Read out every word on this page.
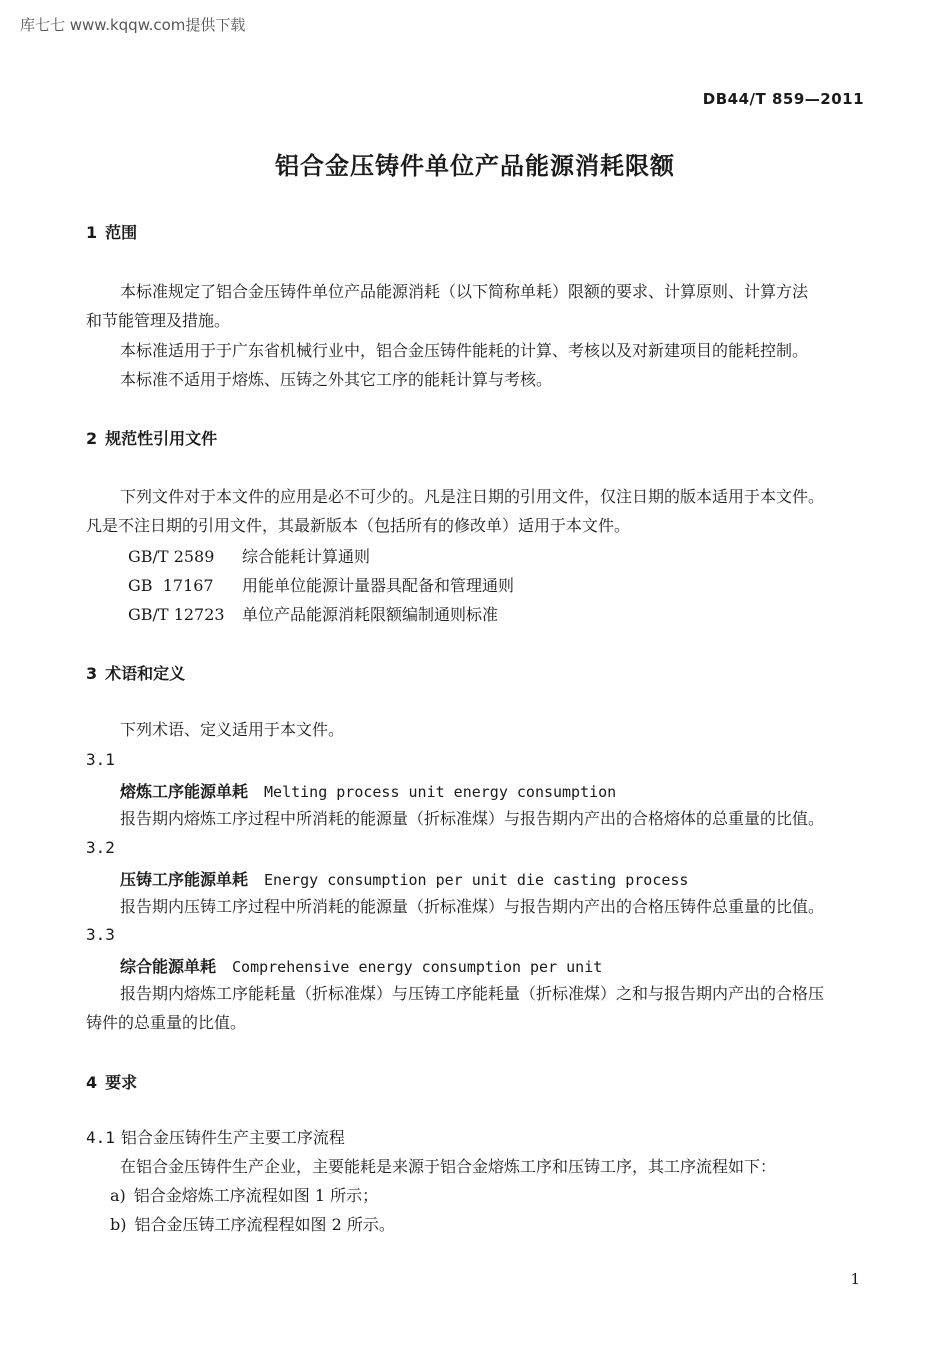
库七七 www.kqqw.com提供下载
DB44/T 859—2011
铝合金压铸件单位产品能源消耗限额
1 范围
本标准规定了铝合金压铸件单位产品能源消耗（以下简称单耗）限额的要求、计算原则、计算方法
和节能管理及措施。
本标准适用于于广东省机械行业中，铝合金压铸件能耗的计算、考核以及对新建项目的能耗控制。
本标准不适用于熔炼、压铸之外其它工序的能耗计算与考核。
2 规范性引用文件
下列文件对于本文件的应用是必不可少的。凡是注日期的引用文件，仅注日期的版本适用于本文件。
凡是不注日期的引用文件，其最新版本（包括所有的修改单）适用于本文件。
GB/T 2589 综合能耗计算通则
GB  17167 用能单位能源计量器具配备和管理通则
GB/T 12723 单位产品能源消耗限额编制通则标准
3 术语和定义
下列术语、定义适用于本文件。
3.1
熔炼工序能源单耗 Melting process unit energy consumption
报告期内熔炼工序过程中所消耗的能源量（折标准煤）与报告期内产出的合格熔体的总重量的比值。
3.2
压铸工序能源单耗 Energy consumption per unit die casting process
报告期内压铸工序过程中所消耗的能源量（折标准煤）与报告期内产出的合格压铸件总重量的比值。
3.3
综合能源单耗 Comprehensive energy consumption per unit
报告期内熔炼工序能耗量（折标准煤）与压铸工序能耗量（折标准煤）之和与报告期内产出的合格压
铸件的总重量的比值。
4 要求
4.1 铝合金压铸件生产主要工序流程
在铝合金压铸件生产企业，主要能耗是来源于铝合金熔炼工序和压铸工序，其工序流程如下：
a) 铝合金熔炼工序流程如图 1 所示；
b) 铝合金压铸工序流程程如图 2 所示。
1
